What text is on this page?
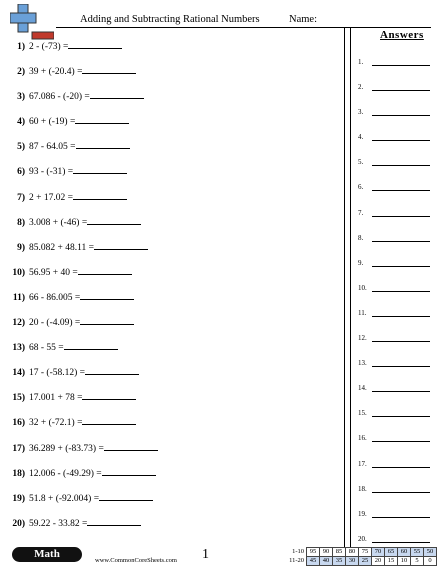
Adding and Subtracting Rational Numbers	Name:
Answers
1) 2 - (-73) =
2) 39 + (-20.4) =
3) 67.086 - (-20) =
4) 60 + (-19) =
5) 87 - 64.05 =
6) 93 - (-31) =
7) 2 + 17.02 =
8) 3.008 + (-46) =
9) 85.082 + 48.11 =
10) 56.95 + 40 =
11) 66 - 86.005 =
12) 20 - (-4.09) =
13) 68 - 55 =
14) 17 - (-58.12) =
15) 17.001 + 78 =
16) 32 + (-72.1) =
17) 36.289 + (-83.73) =
18) 12.006 - (-49.29) =
19) 51.8 + (-92.004) =
20) 59.22 - 33.82 =
1.
2.
3.
4.
5.
6.
7.
8.
9.
10.
11.
12.
13.
14.
15.
16.
17.
18.
19.
20.
Math
www.CommonCoreSheets.com 1	1-10	95	90	85	80	75	70	65	60	55	50
11-20	45	40	35	30	25	20	15	10	5	0
